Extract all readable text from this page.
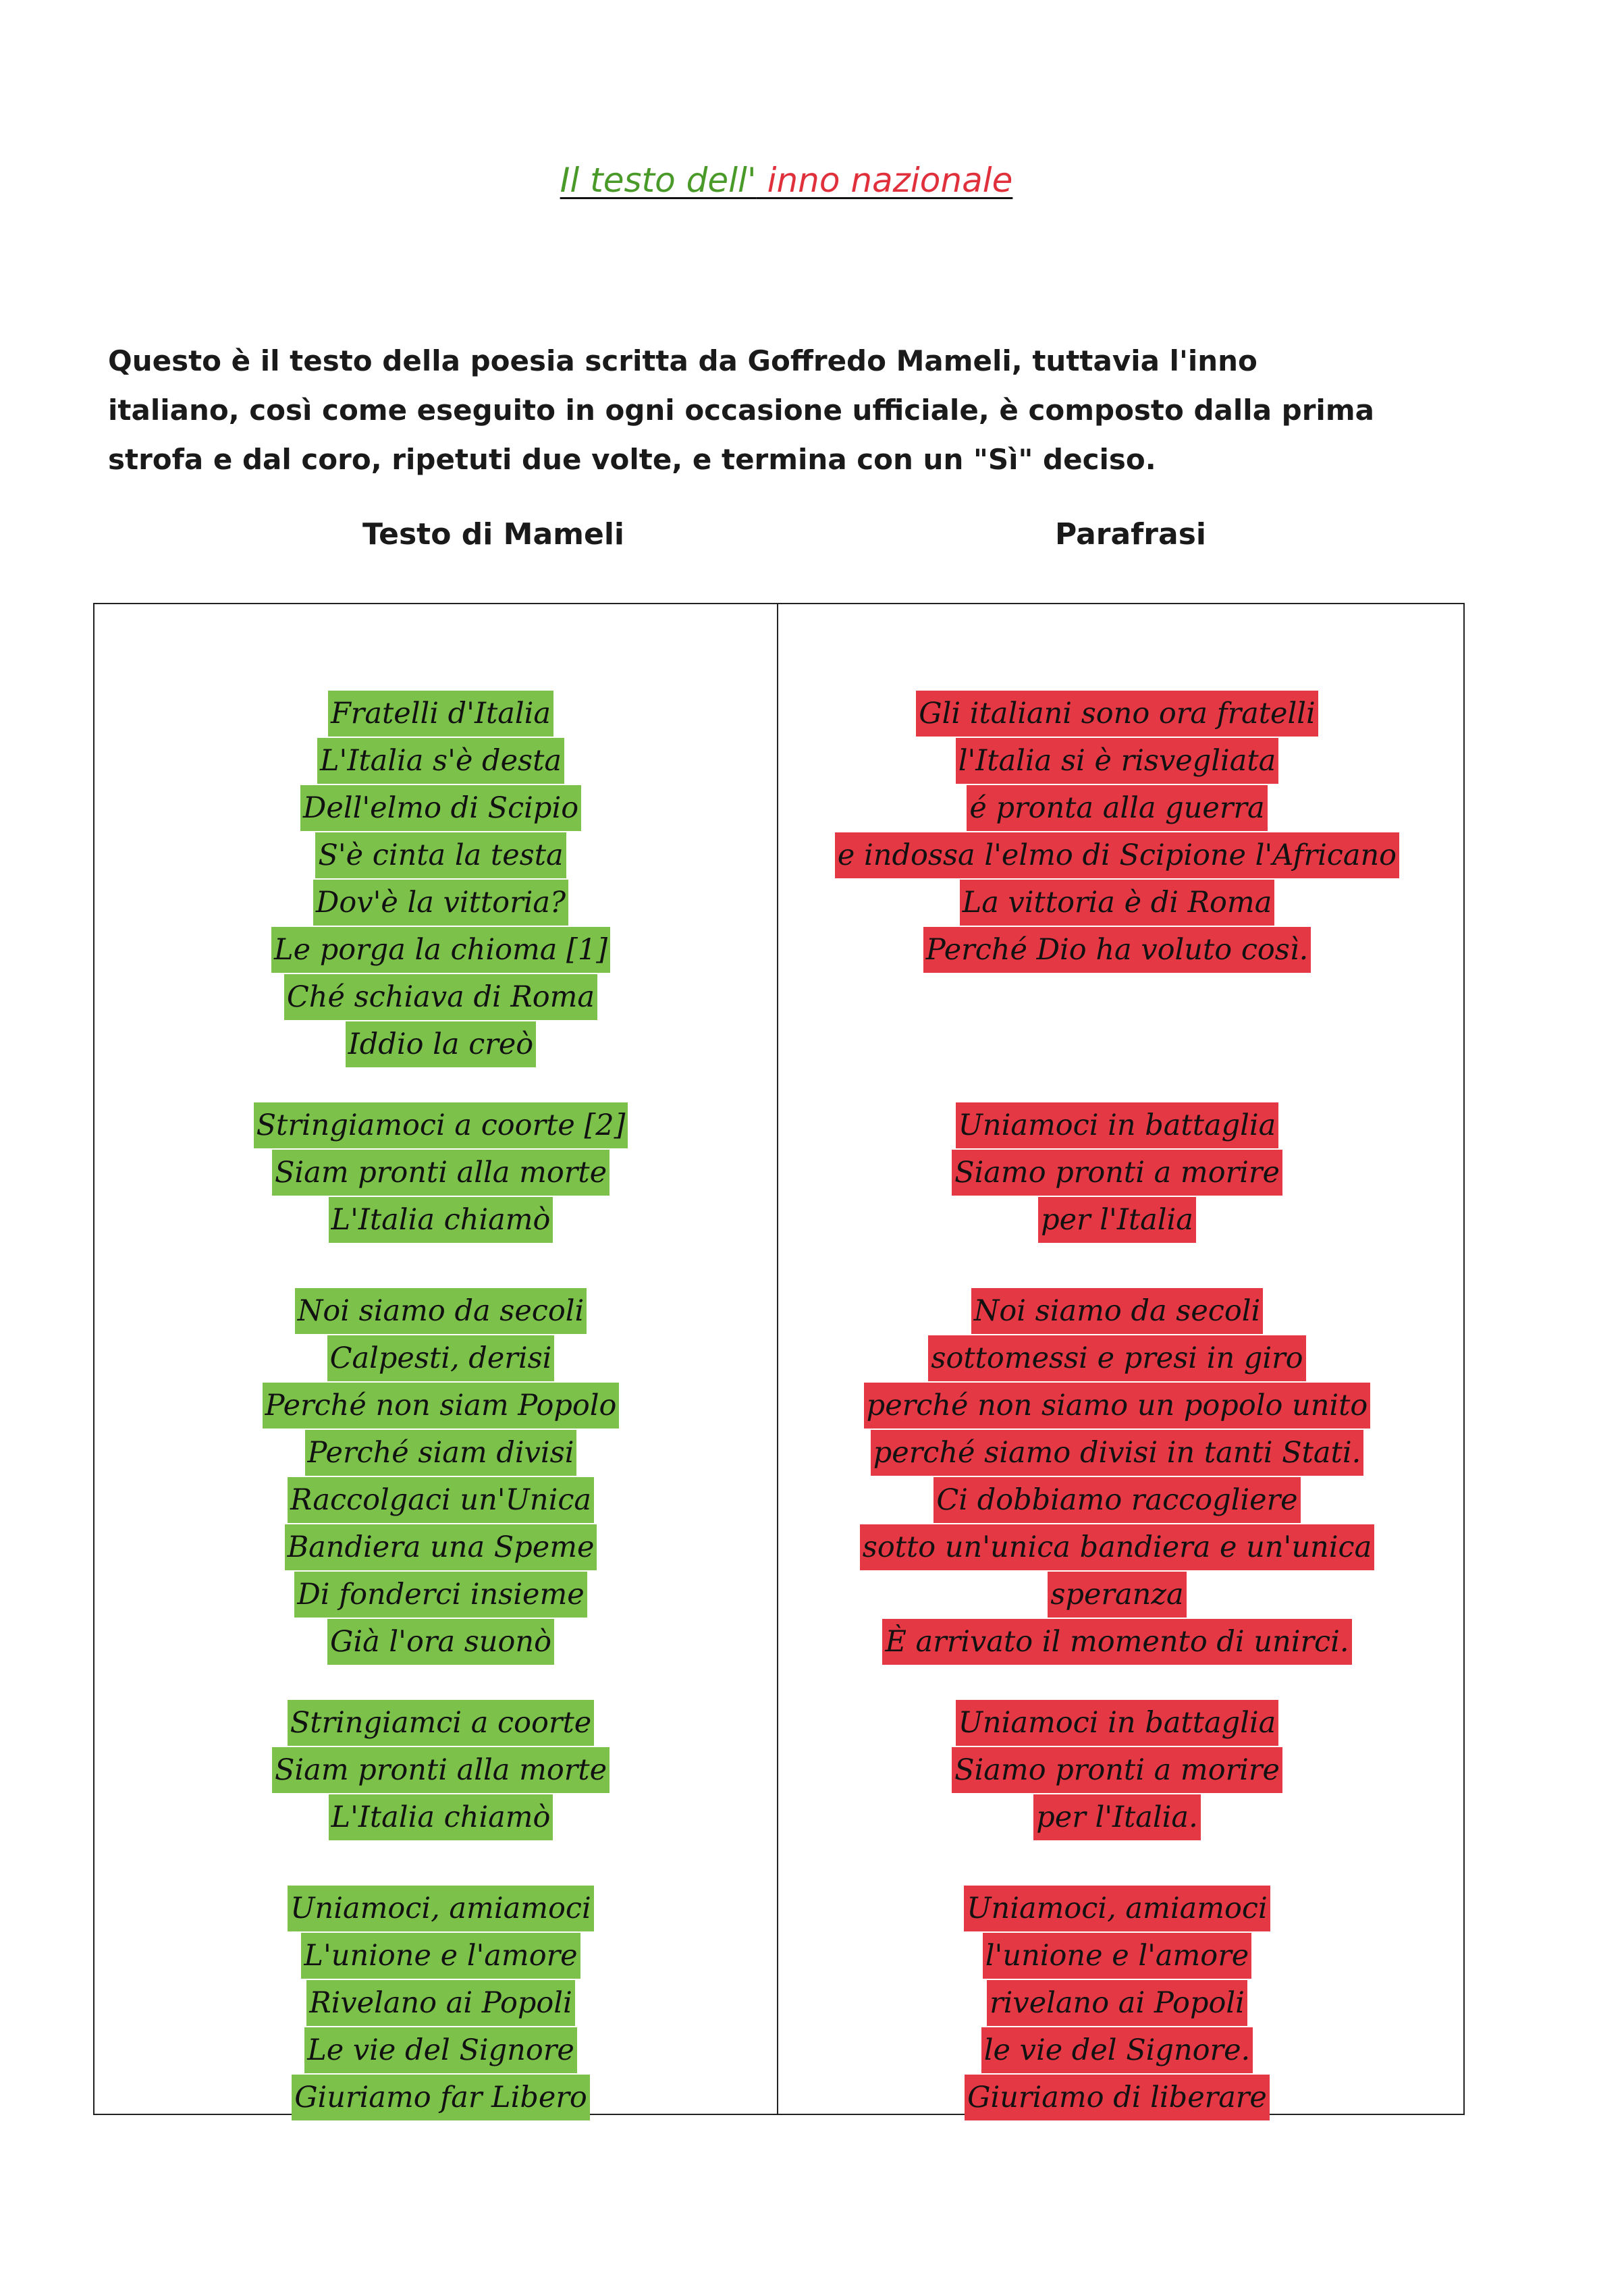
Il testo dell' inno nazionale
Questo è il testo della poesia scritta da Goffredo Mameli, tuttavia l'inno
italiano, così come eseguito in ogni occasione ufficiale, è composto dalla prima
strofa e dal coro, ripetuti due volte, e termina con un "Sì" deciso.
Testo di Mameli	Parafrasi
Fratelli d'Italia
L'Italia s'è desta
Dell'elmo di Scipio
S'è cinta la testa
Dov'è la vittoria?
Le porga la chioma [1]
Ché schiava di Roma
Iddio la creò
Stringiamoci a coorte [2]
Siam pronti alla morte
L'Italia chiamò
Noi siamo da secoli
Calpesti, derisi
Perché non siam Popolo
Perché siam divisi
Raccolgaci un'Unica
Bandiera una Speme
Di fonderci insieme
Già l'ora suonò
Stringiamci a coorte
Siam pronti alla morte
L'Italia chiamò
Uniamoci, amiamoci
L'unione e l'amore
Rivelano ai Popoli
Le vie del Signore
Giuriamo far Libero
Gli italiani sono ora fratelli
l'Italia si è risvegliata
é pronta alla guerra
e indossa l'elmo di Scipione l'Africano
La vittoria è di Roma
Perché Dio ha voluto così.
Uniamoci in battaglia
Siamo pronti a morire
per l'Italia
Noi siamo da secoli
sottomessi e presi in giro
perché non siamo un popolo unito
perché siamo divisi in tanti Stati.
Ci dobbiamo raccogliere
sotto un'unica bandiera e un'unica
speranza
È arrivato il momento di unirci.
Uniamoci in battaglia
Siamo pronti a morire
per l'Italia.
Uniamoci, amiamoci
l'unione e l'amore
rivelano ai Popoli
le vie del Signore.
Giuriamo di liberare
